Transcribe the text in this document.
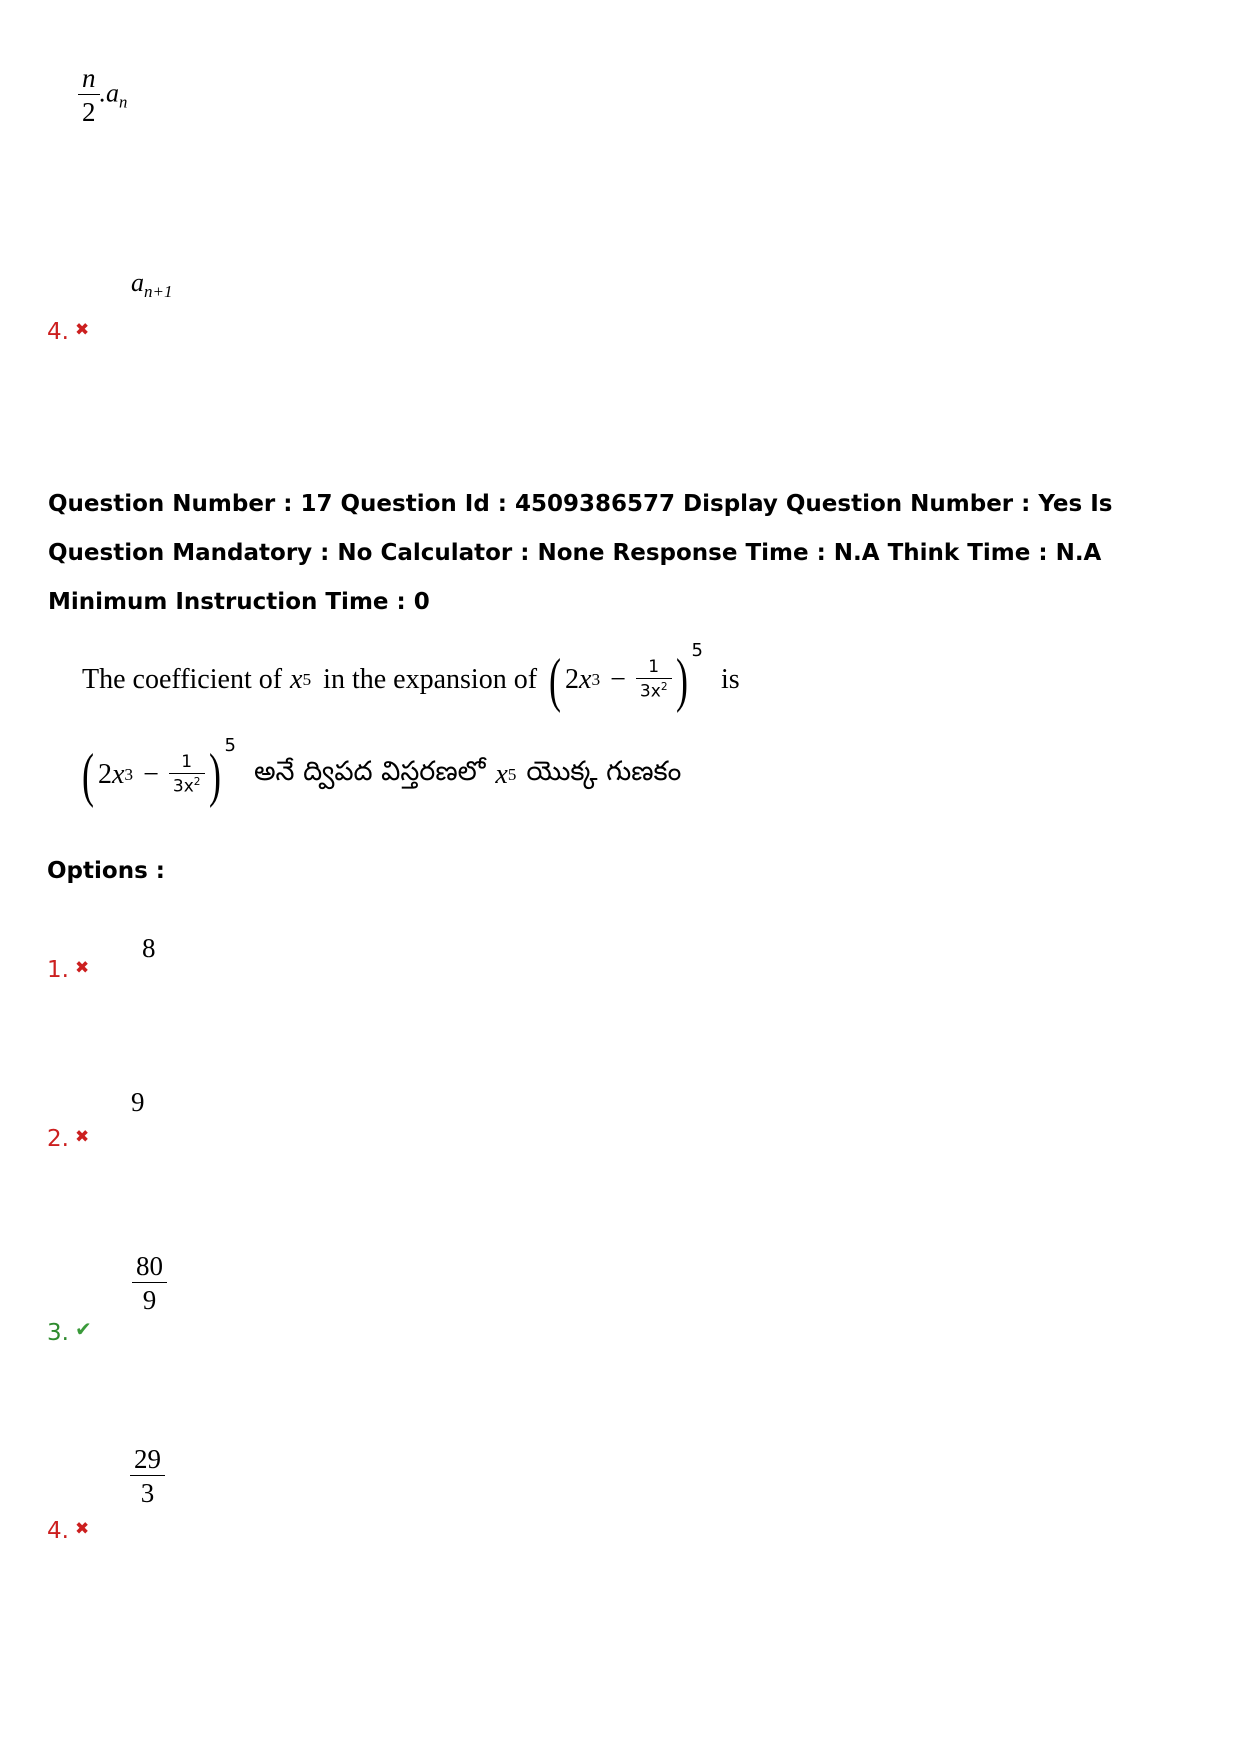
$\frac{n}{2} .a_n$
$a_{n+1}$
4. ✖
Question Number : 17 Question Id : 4509386577 Display Question Number : Yes Is Question Mandatory : No Calculator : None Response Time : N.A Think Time : N.A Minimum Instruction Time : 0
The coefficient of x 5 in the expansion of ( 2 x $3 - \frac{1}{3x^2}$ ) 5
is
( 2 x $3 - \frac{1}{3x^2}$ ) 5
అనే ద్విపద విస్తరణలో x 5 యొక్క గుణకం
Options :
8
1. ✖
9
2. ✖
$\frac{80}{9}$
3. ✔
$\frac{29}{3}$
4. ✖
